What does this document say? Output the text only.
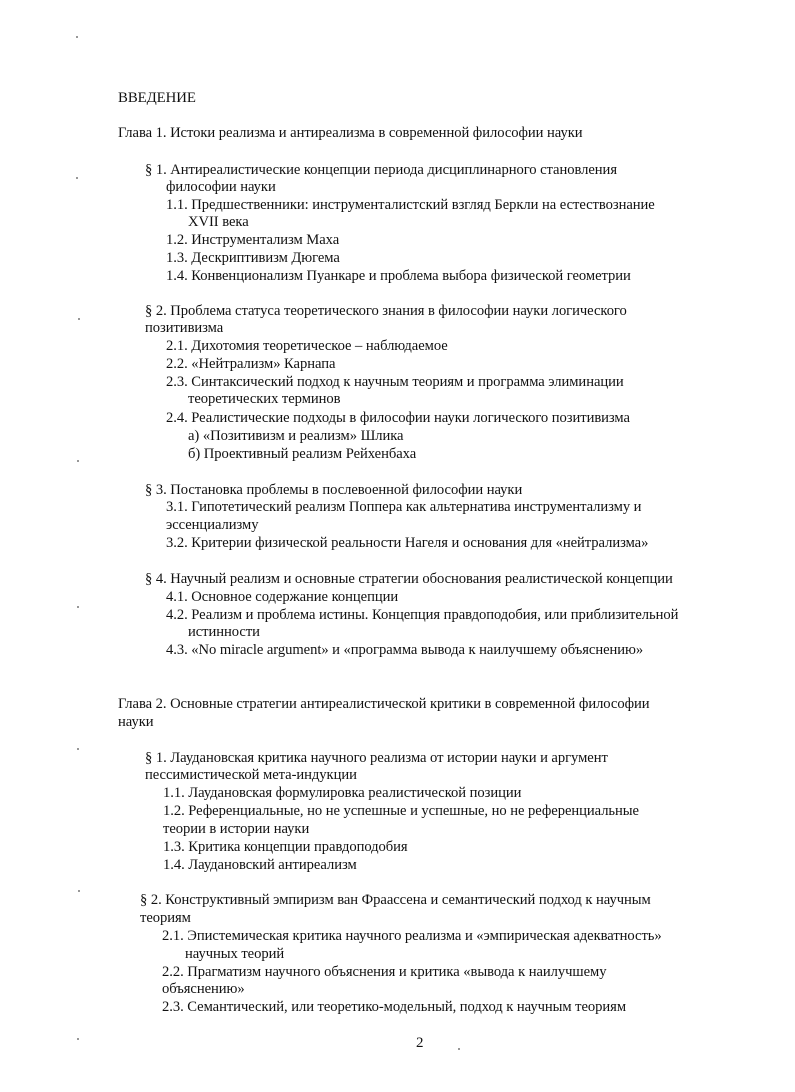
ВВЕДЕНИЕ
Глава 1. Истоки реализма и антиреализма в современной философии науки
§ 1. Антиреалистические концепции периода дисциплинарного становления
философии науки
1.1. Предшественники: инструменталистский взгляд Беркли на естествознание
XVII века
1.2. Инструментализм Маха
1.3. Дескриптивизм Дюгема
1.4. Конвенционализм Пуанкаре и проблема выбора физической геометрии
§ 2. Проблема статуса теоретического знания в философии науки логического
позитивизма
2.1. Дихотомия теоретическое – наблюдаемое
2.2. «Нейтрализм» Карнапа
2.3. Синтаксический подход к научным теориям и программа элиминации
теоретических терминов
2.4. Реалистические подходы в философии науки логического позитивизма
а) «Позитивизм и реализм» Шлика
б) Проективный реализм Рейхенбаха
§ 3. Постановка проблемы в послевоенной философии науки
3.1. Гипотетический реализм Поппера как альтернатива инструментализму и
эссенциализму
3.2. Критерии физической реальности Нагеля и основания для «нейтрализма»
§ 4. Научный реализм и основные стратегии обоснования реалистической концепции
4.1. Основное содержание концепции
4.2. Реализм и проблема истины. Концепция правдоподобия, или приблизительной
истинности
4.3. «No miracle argument» и «программа вывода к наилучшему объяснению»
Глава 2. Основные стратегии антиреалистической критики в современной философии
науки
§ 1. Лаудановская критика научного реализма от истории науки и аргумент
пессимистической мета-индукции
1.1. Лаудановская формулировка реалистической позиции
1.2. Референциальные, но не успешные и успешные, но не референциальные
теории в истории науки
1.3. Критика концепции правдоподобия
1.4. Лаудановский антиреализм
§ 2. Конструктивный эмпиризм ван Фраассена и семантический подход к научным
теориям
2.1. Эпистемическая критика научного реализма и «эмпирическая адекватность»
научных теорий
2.2. Прагматизм научного объяснения и критика «вывода к наилучшему
объяснению»
2.3. Семантический, или теоретико-модельный, подход к научным теориям
2
